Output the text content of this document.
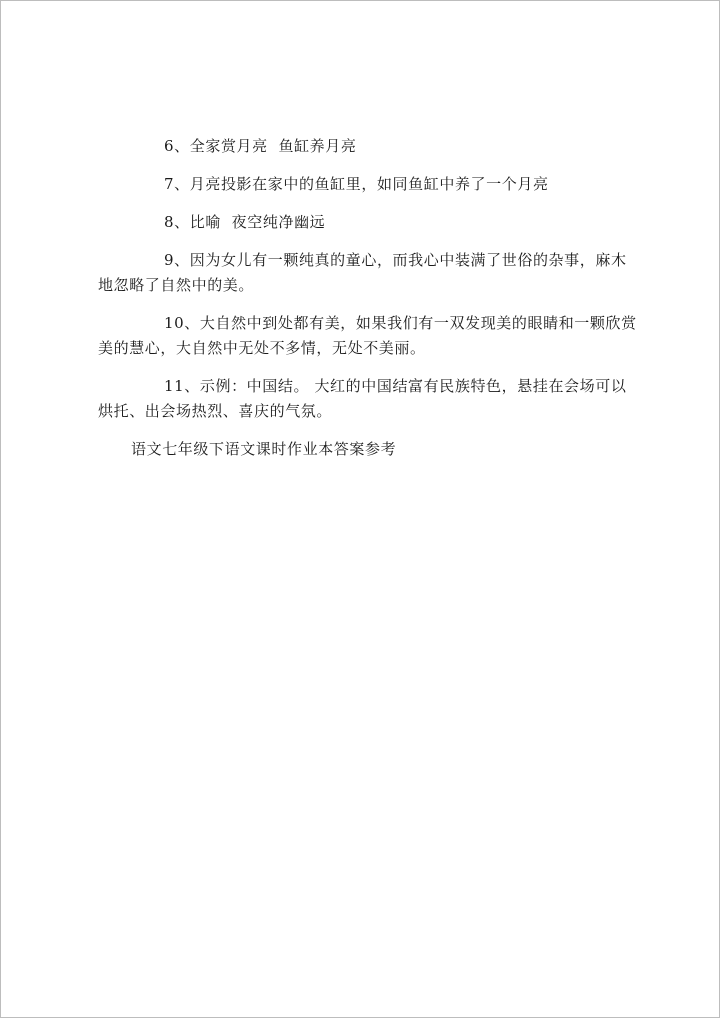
6、全家赏月亮  鱼缸养月亮

7、月亮投影在家中的鱼缸里，如同鱼缸中养了一个月亮

8、比喻  夜空纯净幽远

9、因为女儿有一颗纯真的童心，而我心中装满了世俗的杂事，麻木地忽略了自然中的美。

10、大自然中到处都有美，如果我们有一双发现美的眼睛和一颗欣赏美的慧心，大自然中无处不多情，无处不美丽。

11、示例：中国结。 大红的中国结富有民族特色，悬挂在会场可以烘托、出会场热烈、喜庆的气氛。

语文七年级下语文课时作业本答案参考
